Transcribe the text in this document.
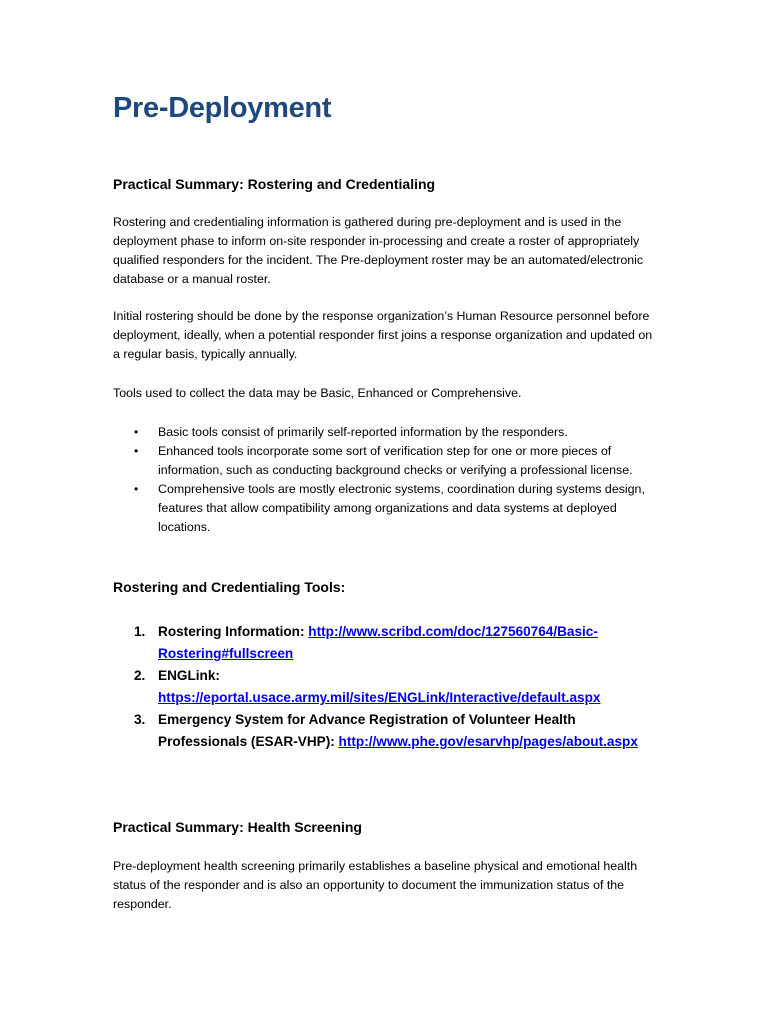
Pre-Deployment
Practical Summary: Rostering and Credentialing

Rostering and credentialing information is gathered during pre-deployment and is used in the deployment phase to inform on-site responder in-processing and create a roster of appropriately qualified responders for the incident. The Pre-deployment roster may be an automated/electronic database or a manual roster.

Initial rostering should be done by the response organization’s Human Resource personnel before deployment, ideally, when a potential responder first joins a response organization and updated on a regular basis, typically annually.

Tools used to collect the data may be Basic, Enhanced or Comprehensive.

• Basic tools consist of primarily self-reported information by the responders.
• Enhanced tools incorporate some sort of verification step for one or more pieces of information, such as conducting background checks or verifying a professional license.
• Comprehensive tools are mostly electronic systems, coordination during systems design, features that allow compatibility among organizations and data systems at deployed locations.
Rostering and Credentialing Tools:
1. Rostering Information: http://www.scribd.com/doc/127560764/Basic-Rostering#fullscreen
2. ENGLink: https://eportal.usace.army.mil/sites/ENGLink/Interactive/default.aspx
3. Emergency System for Advance Registration of Volunteer Health Professionals (ESAR-VHP): http://www.phe.gov/esarvhp/pages/about.aspx
Practical Summary: Health Screening

Pre-deployment health screening primarily establishes a baseline physical and emotional health status of the responder and is also an opportunity to document the immunization status of the responder.
